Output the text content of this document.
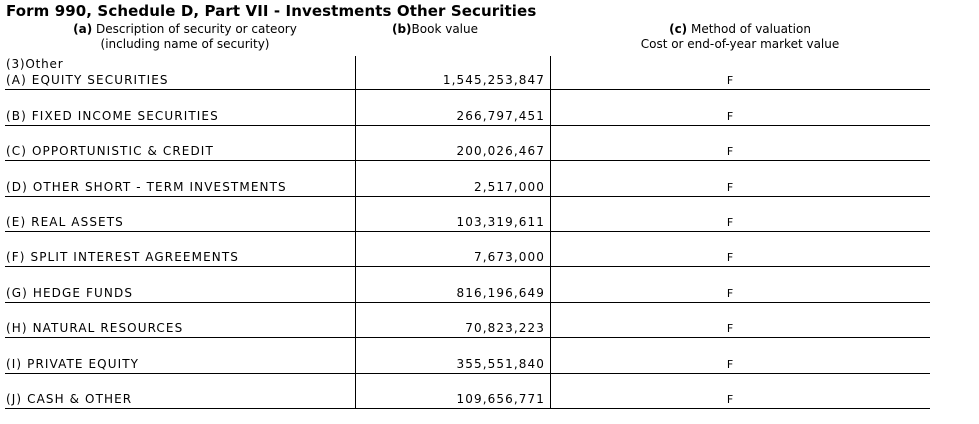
Form 990, Schedule D, Part VII - Investments Other Securities
(a) Description of security or cateory
(including name of security)
(b)Book value	(c) Method of valuation
Cost or end-of-year market value
(3)Other
(A) EQUITY SECURITIES	1,545,253,847	F
(B) FIXED INCOME SECURITIES	266,797,451	F
(C) OPPORTUNISTIC & CREDIT	200,026,467	F
(D) OTHER SHORT - TERM INVESTMENTS	2,517,000	F
(E) REAL ASSETS	103,319,611	F
(F) SPLIT INTEREST AGREEMENTS	7,673,000	F
(G) HEDGE FUNDS	816,196,649	F
(H) NATURAL RESOURCES	70,823,223	F
(I) PRIVATE EQUITY	355,551,840	F
(J) CASH & OTHER	109,656,771	F
